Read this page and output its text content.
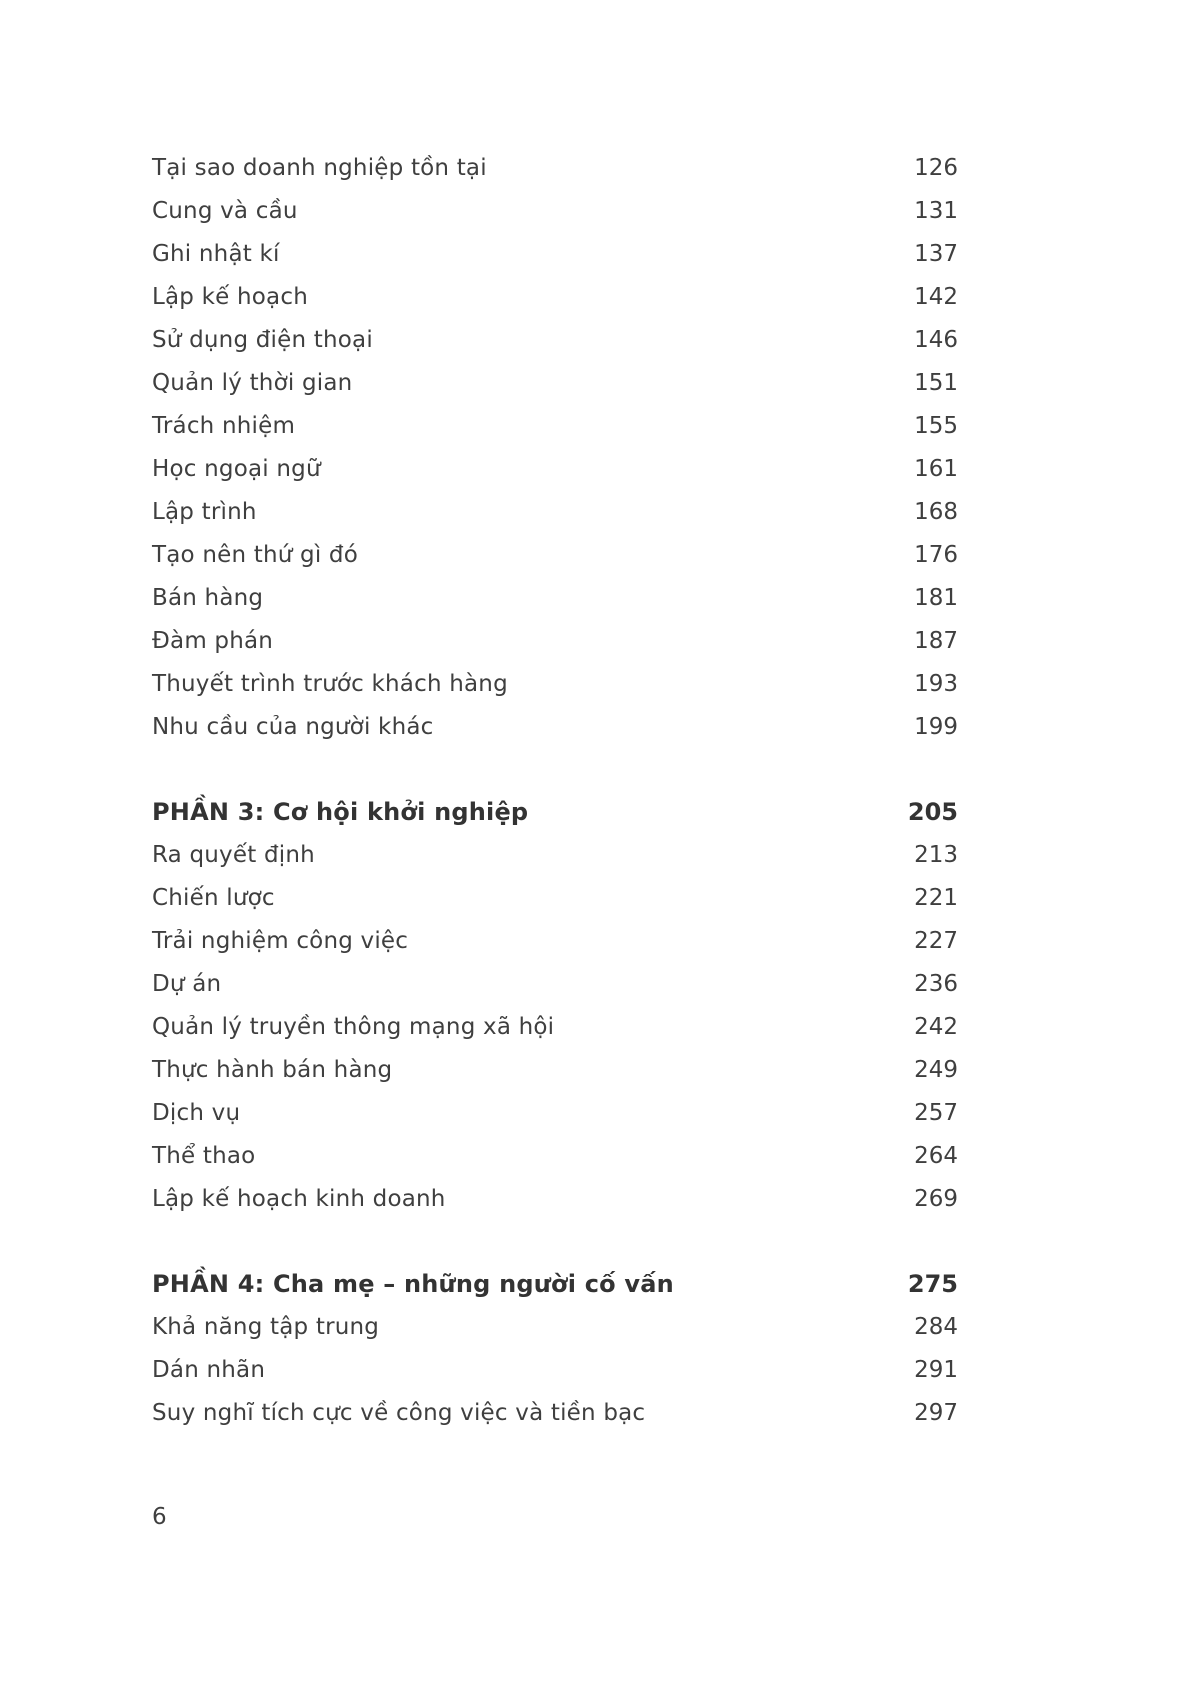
Tại sao doanh nghiệp tồn tại	126
Cung và cầu	131
Ghi nhật kí	137
Lập kế hoạch	142
Sử dụng điện thoại	146
Quản lý thời gian	151
Trách nhiệm	155
Học ngoại ngữ	161
Lập trình	168
Tạo nên thứ gì đó	176
Bán hàng	181
Đàm phán	187
Thuyết trình trước khách hàng	193
Nhu cầu của người khác	199
PHẦN 3: Cơ hội khởi nghiệp	205
Ra quyết định	213
Chiến lược	221
Trải nghiệm công việc	227
Dự án	236
Quản lý truyền thông mạng xã hội	242
Thực hành bán hàng	249
Dịch vụ	257
Thể thao	264
Lập kế hoạch kinh doanh	269
PHẦN 4: Cha mẹ – những người cố vấn	275
Khả năng tập trung	284
Dán nhãn	291
Suy nghĩ tích cực về công việc và tiền bạc	297
6
